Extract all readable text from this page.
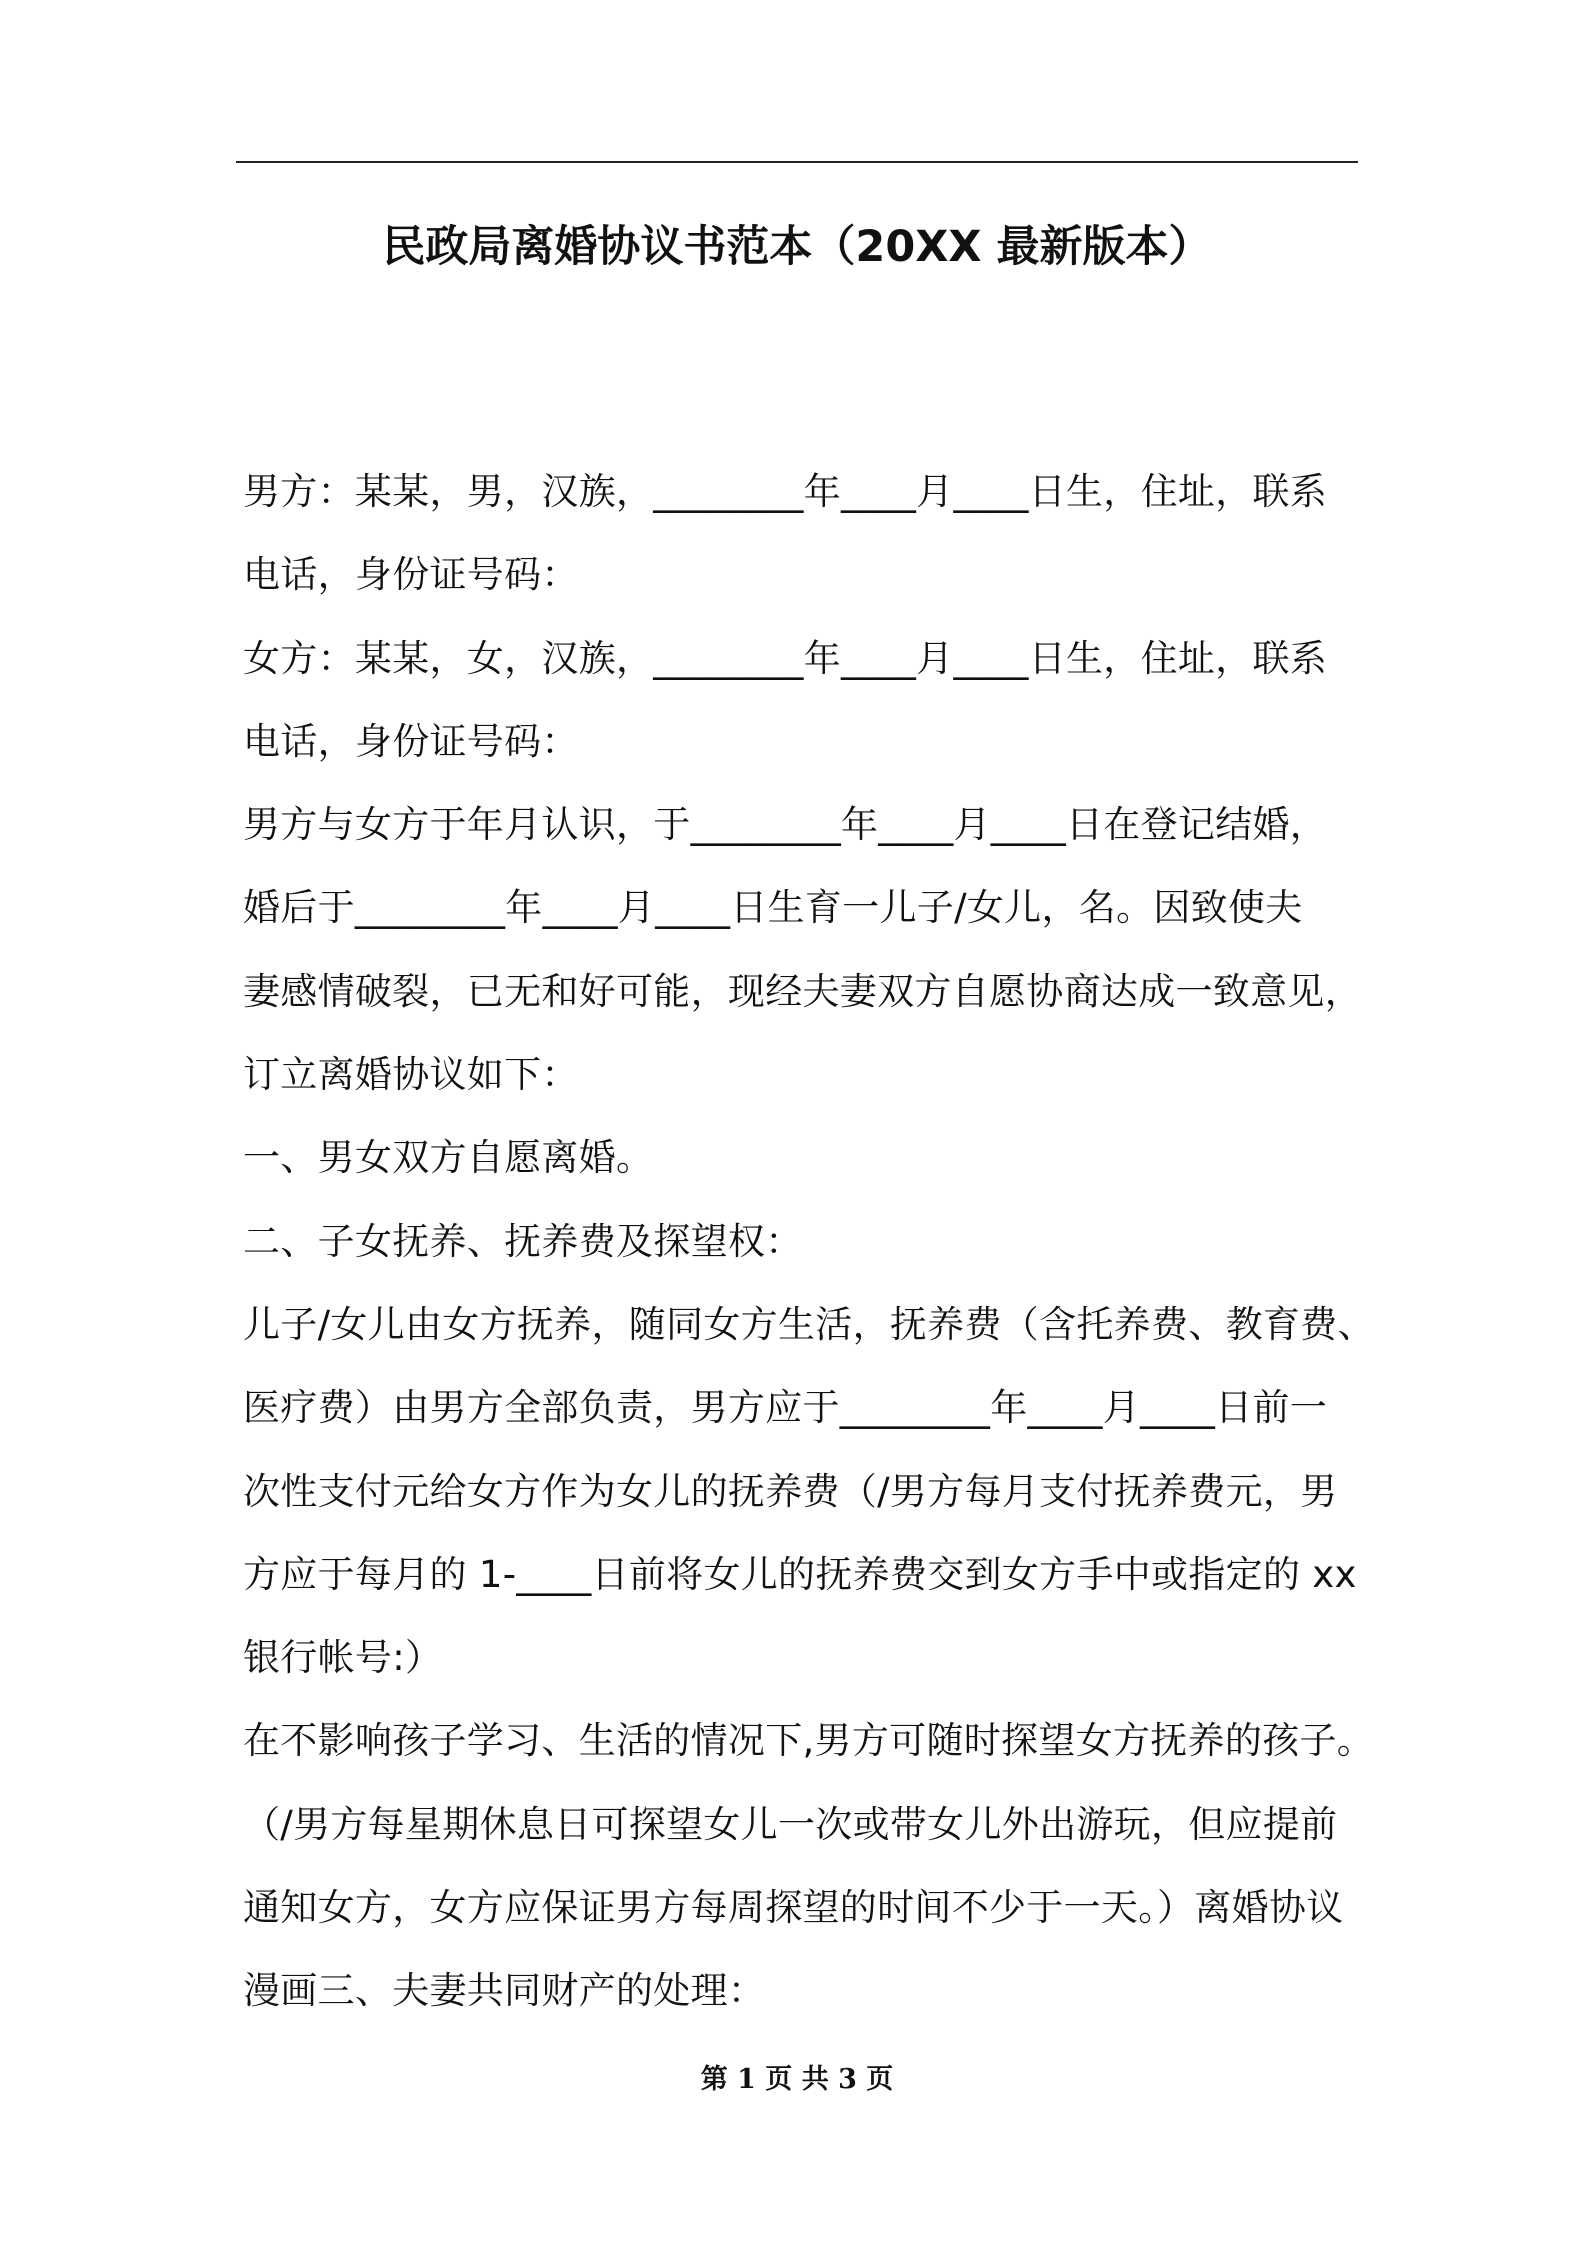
民政局离婚协议书范本（20XX 最新版本）
男方：某某，男，汉族，________年____月____日生，住址，联系
电话，身份证号码：
女方：某某，女，汉族，________年____月____日生，住址，联系
电话，身份证号码：
男方与女方于年月认识，于________年____月____日在登记结婚，
婚后于________年____月____日生育一儿子/女儿，名。因致使夫
妻感情破裂，已无和好可能，现经夫妻双方自愿协商达成一致意见，
订立离婚协议如下：
一、男女双方自愿离婚。
二、子女抚养、抚养费及探望权：
儿子/女儿由女方抚养，随同女方生活，抚养费（含托养费、教育费、
医疗费）由男方全部负责，男方应于________年____月____日前一
次性支付元给女方作为女儿的抚养费（/男方每月支付抚养费元，男
方应于每月的 1-____日前将女儿的抚养费交到女方手中或指定的 xx
银行帐号:）
在不影响孩子学习、生活的情况下,男方可随时探望女方抚养的孩子。
（/男方每星期休息日可探望女儿一次或带女儿外出游玩，但应提前
通知女方，女方应保证男方每周探望的时间不少于一天。）离婚协议
漫画三、夫妻共同财产的处理：
第 1 页 共 3 页
